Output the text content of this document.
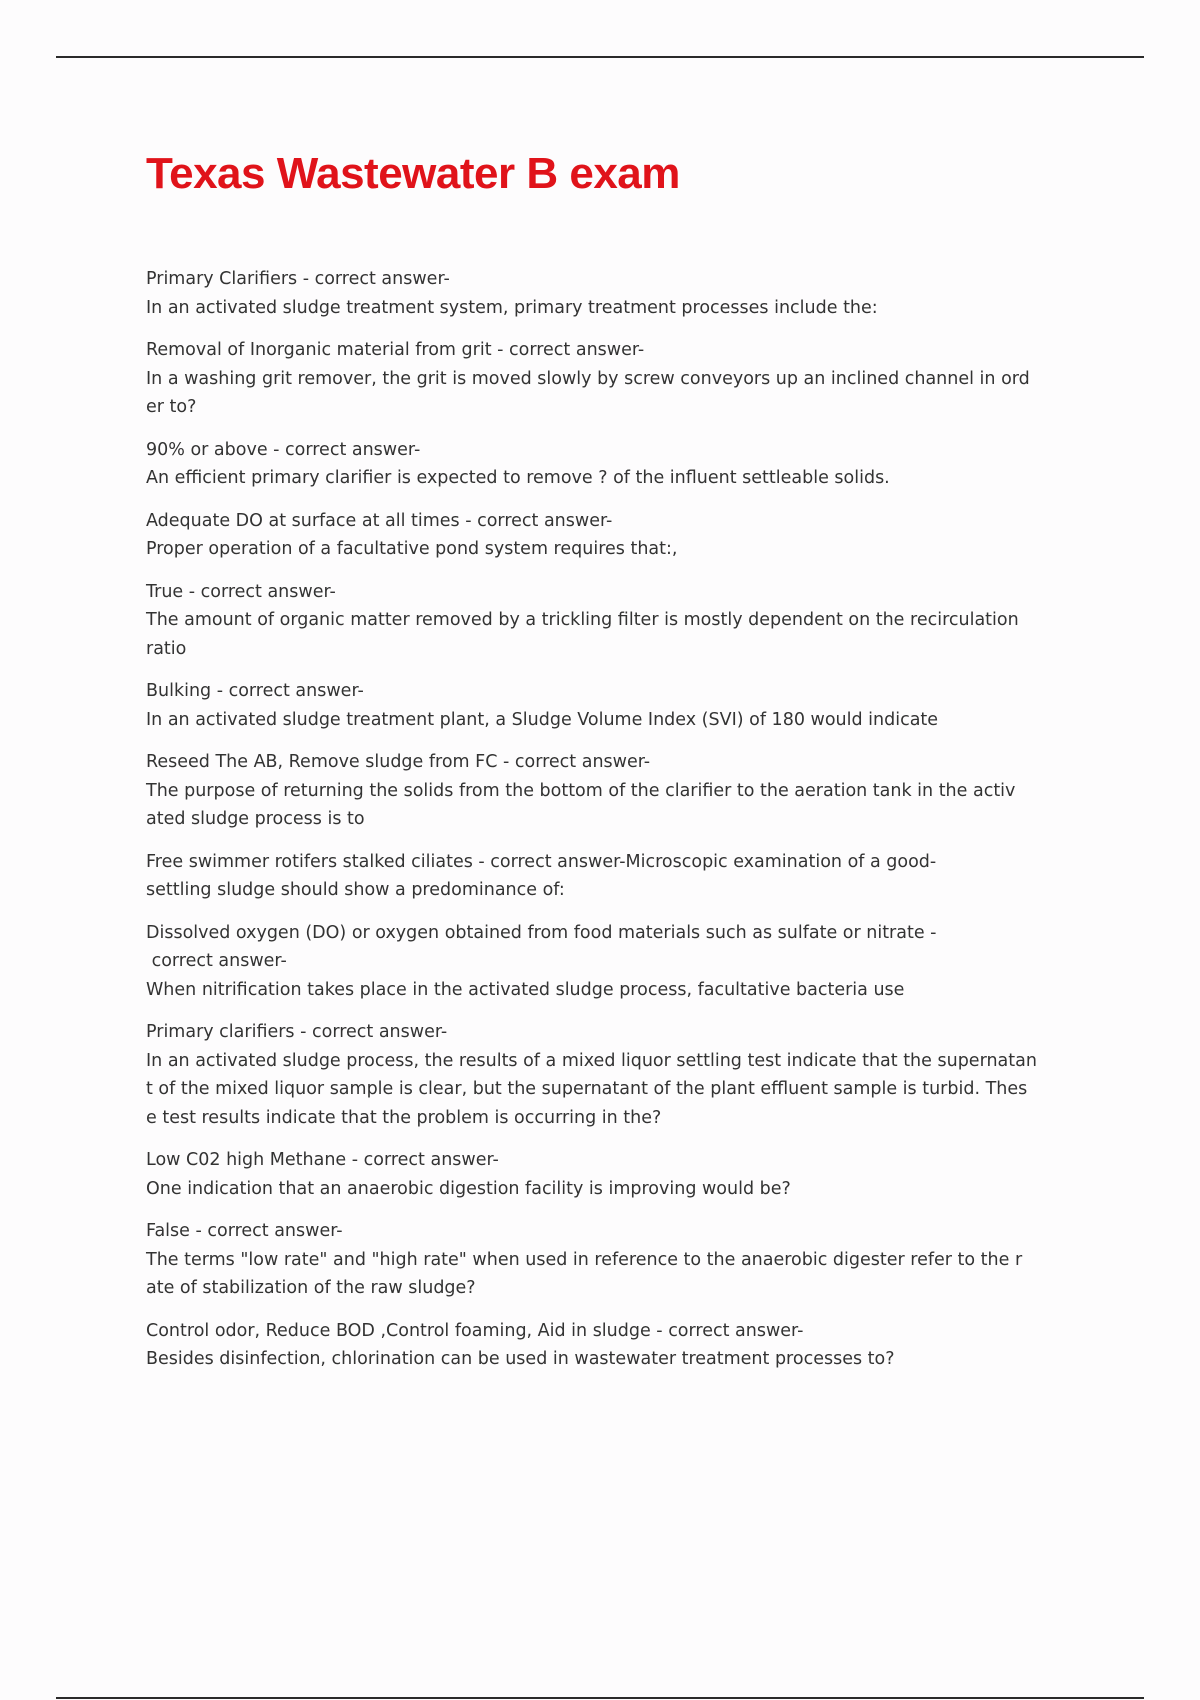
Texas Wastewater B exam
Primary Clarifiers - correct answer-
In an activated sludge treatment system, primary treatment processes include the:
Removal of Inorganic material from grit - correct answer-
In a washing grit remover, the grit is moved slowly by screw conveyors up an inclined channel in ord
er to?
90% or above - correct answer-
An efficient primary clarifier is expected to remove ? of the influent settleable solids.
Adequate DO at surface at all times - correct answer-
Proper operation of a facultative pond system requires that:,
True - correct answer-
The amount of organic matter removed by a trickling filter is mostly dependent on the recirculation
ratio
Bulking - correct answer-
In an activated sludge treatment plant, a Sludge Volume Index (SVI) of 180 would indicate
Reseed The AB, Remove sludge from FC - correct answer-
The purpose of returning the solids from the bottom of the clarifier to the aeration tank in the activ
ated sludge process is to
Free swimmer rotifers stalked ciliates - correct answer-Microscopic examination of a good-
settling sludge should show a predominance of:
Dissolved oxygen (DO) or oxygen obtained from food materials such as sulfate or nitrate -
correct answer-
When nitrification takes place in the activated sludge process, facultative bacteria use
Primary clarifiers - correct answer-
In an activated sludge process, the results of a mixed liquor settling test indicate that the supernatan
t of the mixed liquor sample is clear, but the supernatant of the plant effluent sample is turbid. Thes
e test results indicate that the problem is occurring in the?
Low C02 high Methane - correct answer-
One indication that an anaerobic digestion facility is improving would be?
False - correct answer-
The terms "low rate" and "high rate" when used in reference to the anaerobic digester refer to the r
ate of stabilization of the raw sludge?
Control odor, Reduce BOD ,Control foaming, Aid in sludge - correct answer-
Besides disinfection, chlorination can be used in wastewater treatment processes to?
